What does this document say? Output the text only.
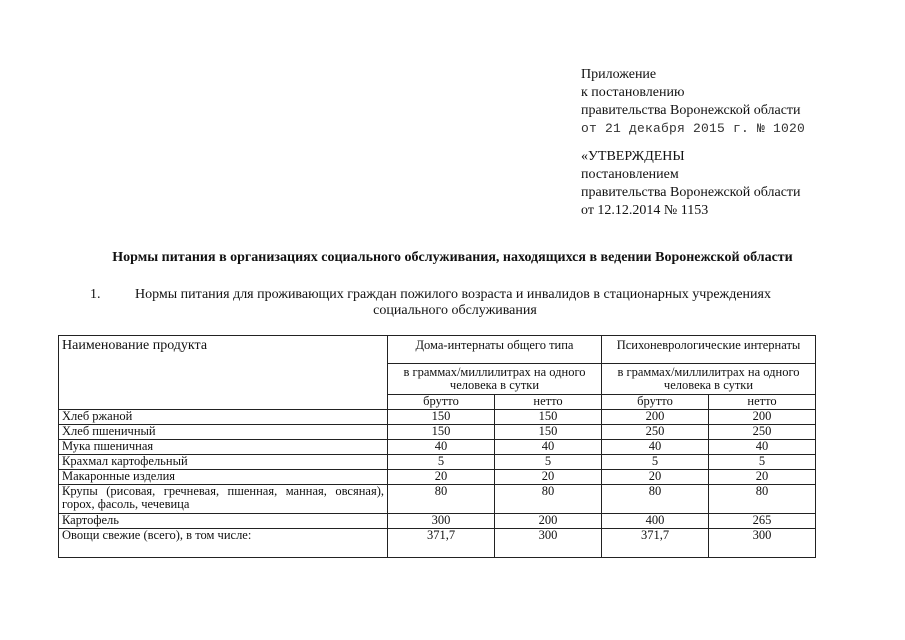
Приложение
к постановлению
правительства Воронежской области
от 21 декабря 2015 г. № 1020
«УТВЕРЖДЕНЫ
постановлением
правительства Воронежской области
от 12.12.2014 № 1153
Нормы питания в организациях социального обслуживания, находящихся в ведении Воронежской области
1. Нормы питания для проживающих граждан пожилого возраста и инвалидов в стационарных учреждениях
социального обслуживания
Наименование продукта	Дома-интернаты общего типа		Психоневрологические интернаты	
	в граммах/миллилитрах на одного человека в сутки		в граммах/миллилитрах на одного человека в сутки	
	брутто	нетто	брутто	нетто
Хлеб ржаной	150	150	200	200
Хлеб пшеничный	150	150	250	250
Мука пшеничная	40	40	40	40
Крахмал картофельный	5	5	5	5
Макаронные изделия	20	20	20	20
Крупы (рисовая, гречневая, пшенная, манная, овсяная), горох, фасоль, чечевица	80	80	80	80
Картофель	300	200	400	265
Овощи свежие (всего), в том числе:	371,7	300	371,7	300
